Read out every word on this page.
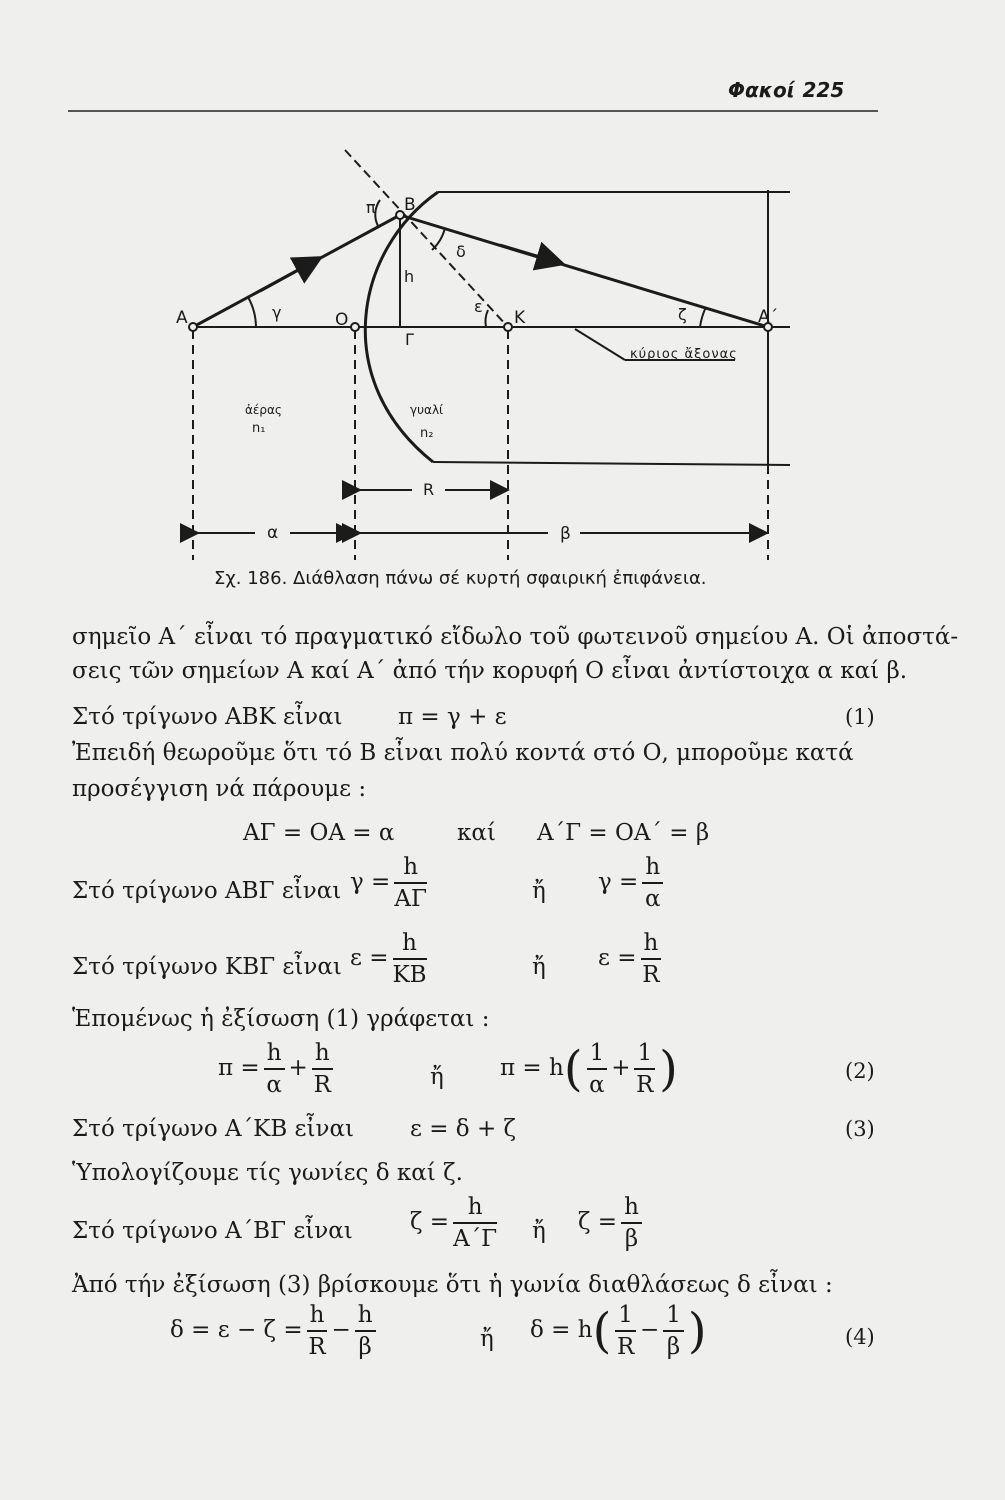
Φακοί 225
A	O	K	A΄
B
Γ
π
γ
δ
h
ε	ζ
κύριος ἄξονας
ἀέρας
n₁
γυαλί
n₂
R
α	β
Σχ. 186. Διάθλαση πάνω σέ κυρτή σφαιρική ἐπιφάνεια.
σημεῖο Α΄ εἶναι τό πραγματικό εἴδωλο τοῦ φωτεινοῦ σημείου Α. Οἱ ἀποστά-
σεις τῶν σημείων Α καί Α΄ ἀπό τήν κορυφή Ο εἶναι ἀντίστοιχα α καί β.
Στό τρίγωνο ΑΒΚ εἶναι π = γ + ε	(1)
Ἐπειδή θεωροῦμε ὅτι τό Β εἶναι πολύ κοντά στό Ο, μποροῦμε κατά
προσέγγιση νά πάρουμε :
ΑΓ = ΟΑ = α	καί Α΄Γ = ΟΑ΄ = β
Στό τρίγωνο ΑΒΓ εἶναι $\gamma = \frac{h}{A\Gamma}$	ἤ $\gamma = \frac{h}{\alpha}$
Στό τρίγωνο ΚΒΓ εἶναι $\varepsilon = \frac{h}{KB}$	ἤ $\varepsilon = \frac{h}{R}$
Ἑπομένως ἡ ἐξίσωση (1) γράφεται :
$\pi = \frac{h}{\alpha} + \frac{h}{R}$	ἤ $\pi = h( \frac{1}{\alpha} + \frac{1}{R}$ )	(2)
Στό τρίγωνο Α΄ΚΒ εἶναι ε = δ + ζ	(3)
Ὑπολογίζουμε τίς γωνίες δ καί ζ.
Στό τρίγωνο Α΄ΒΓ εἶναι $\zeta = \frac{h}{A΄\Gamma}$ ἤ $\zeta = \frac{h}{\beta}$
Ἀπό τήν ἐξίσωση (3) βρίσκουμε ὅτι ἡ γωνία διαθλάσεως δ εἶναι :
$\delta = \varepsilon - \zeta = \frac{h}{R} - \frac{h}{\beta}$	ἤ $\delta = h( \frac{1}{R} - \frac{1}{\beta}$ )	(4)
